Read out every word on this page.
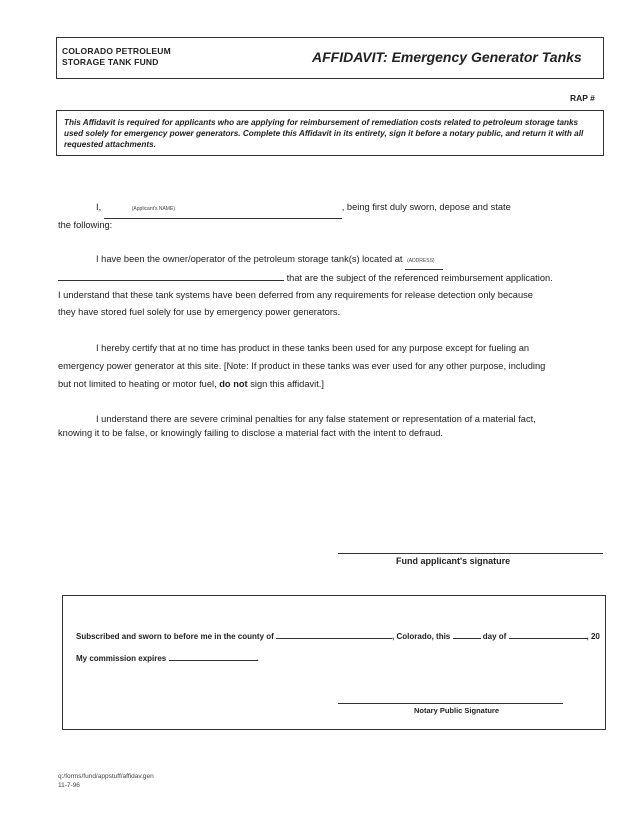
COLORADO PETROLEUM
STORAGE TANK FUND	AFFIDAVIT: Emergency Generator Tanks
RAP #
This Affidavit is required for applicants who are applying for reimbursement of remediation costs related to petroleum storage tanks used solely for emergency power generators. Complete this Affidavit in its entirety, sign it before a notary public, and return it with all requested attachments.
I,	$^{(Applicant's NAME)}$	, being first duly sworn, depose and state
the following:
I have been the owner/operator of the petroleum storage tank(s) located at (ADDRESS)
that are the subject of the referenced reimbursement application.
I understand that these tank systems have been deferred from any requirements for release detection only because
they have stored fuel solely for use by emergency power generators.
I hereby certify that at no time has product in these tanks been used for any purpose except for fueling an
emergency power generator at this site. [Note: If product in these tanks was ever used for any other purpose, including
but not limited to heating or motor fuel, do not sign this affidavit.]
I understand there are severe criminal penalties for any false statement or representation of a material fact,
knowing it to be false, or knowingly failing to disclose a material fact with the intent to defraud.
Fund applicant's signature
Subscribed and sworn to before me in the county of	, Colorado, this	day of	, 20
My commission expires	.
Notary Public Signature
q:/forms/fund/appstuff/affidav.gen
11-7-96
